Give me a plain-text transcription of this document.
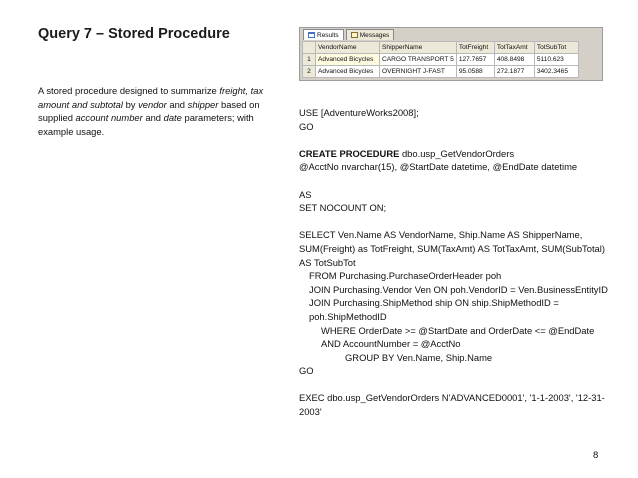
Query 7 – Stored Procedure
A stored procedure designed to summarize freight, tax amount and subtotal by vendor and shipper based on supplied account number and date parameters; with example usage.
Results	Messages
	VendorName	ShipperName	TotFreight	TotTaxAmt	TotSubTot
1	Advanced Bicycles	CARGO TRANSPORT 5	127.7657	408.8498	5110.623
2	Advanced Bicycles	OVERNIGHT J-FAST	95.0588	272.1877	3402.3465
USE [AdventureWorks2008];
GO
CREATE PROCEDURE dbo.usp_GetVendorOrders
@AcctNo nvarchar(15), @StartDate datetime, @EndDate datetime
AS
SET NOCOUNT ON;
SELECT Ven.Name AS VendorName, Ship.Name AS ShipperName, SUM(Freight) as TotFreight, SUM(TaxAmt) AS TotTaxAmt, SUM(SubTotal) AS TotSubTot
FROM Purchasing.PurchaseOrderHeader poh
JOIN Purchasing.Vendor Ven ON poh.VendorID = Ven.BusinessEntityID
JOIN Purchasing.ShipMethod ship ON ship.ShipMethodID = poh.ShipMethodID
WHERE OrderDate >= @StartDate and OrderDate <= @EndDate
AND AccountNumber = @AcctNo
GROUP BY Ven.Name, Ship.Name
GO
EXEC dbo.usp_GetVendorOrders N'ADVANCED0001', '1-1-2003', '12-31-2003'
8
